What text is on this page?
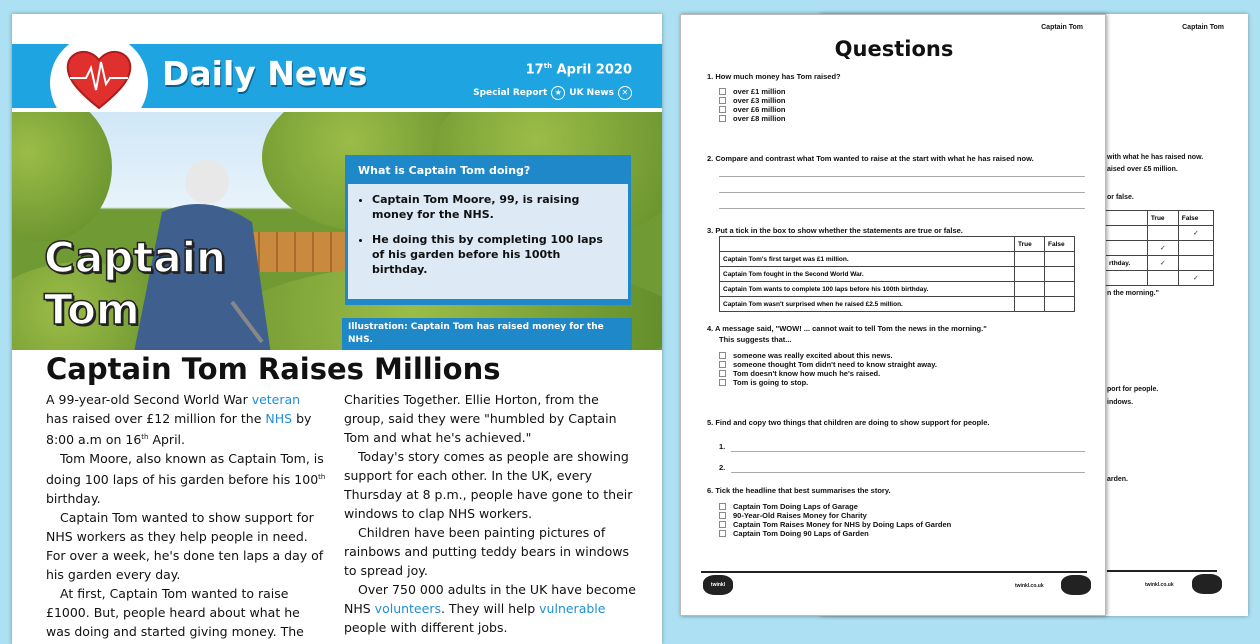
Daily News	17th April 2020
Special Report ★ UK News ✕
Captain
Tom
What is Captain Tom doing?
• Captain Tom Moore, 99, is raising money for the NHS.
• He doing this by completing 100 laps of his garden before his 100th birthday.
Illustration: Captain Tom has raised money for the NHS.
Captain Tom Raises Millions

A 99-year-old Second World War veteran has raised over £12 million for the NHS by 8:00 a.m on 16th April.

Tom Moore, also known as Captain Tom, is doing 100 laps of his garden before his 100th birthday.

Captain Tom wanted to show support for NHS workers as they help people in need. For over a week, he's done ten laps a day of his garden every day.

At first, Captain Tom wanted to raise £1000. But, people heard about what he was doing and started giving money. The

Charities Together. Ellie Horton, from the group, said they were "humbled by Captain Tom and what he's achieved."

Today's story comes as people are showing support for each other. In the UK, every Thursday at 8 p.m., people have gone to their windows to clap NHS workers.

Children have been painting pictures of rainbows and putting teddy bears in windows to spread joy.

Over 750 000 adults in the UK have become NHS volunteers. They will help vulnerable people with different jobs.

Captain Tom
with what he has raised now.
aised over £5 million.
or false.
	True	False
		✓
	✓	
rthday.	✓	
		✓
n the morning."
port for people.
indows.
arden.
twinkl.co.uk
Captain Tom
Questions
1. How much money has Tom raised?
over £1 million
over £3 million
over £6 million
over £8 million
2. Compare and contrast what Tom wanted to raise at the start with what he has raised now.
3. Put a tick in the box to show whether the statements are true or false.
	True	False
Captain Tom's first target was £1 million.		
Captain Tom fought in the Second World War.		
Captain Tom wants to complete 100 laps before his 100th birthday.		
Captain Tom wasn't surprised when he raised £2.5 million.		
4. A message said, "WOW! ... cannot wait to tell Tom the news in the morning."
This suggests that...
someone was really excited about this news.
someone thought Tom didn't need to know straight away.
Tom doesn't know how much he's raised.
Tom is going to stop.
5. Find and copy two things that children are doing to show support for people.
1.
2.
6. Tick the headline that best summarises the story.
Captain Tom Doing Laps of Garage
90-Year-Old Raises Money for Charity
Captain Tom Raises Money for NHS by Doing Laps of Garden
Captain Tom Doing 90 Laps of Garden
twinkl	twinkl.co.uk
